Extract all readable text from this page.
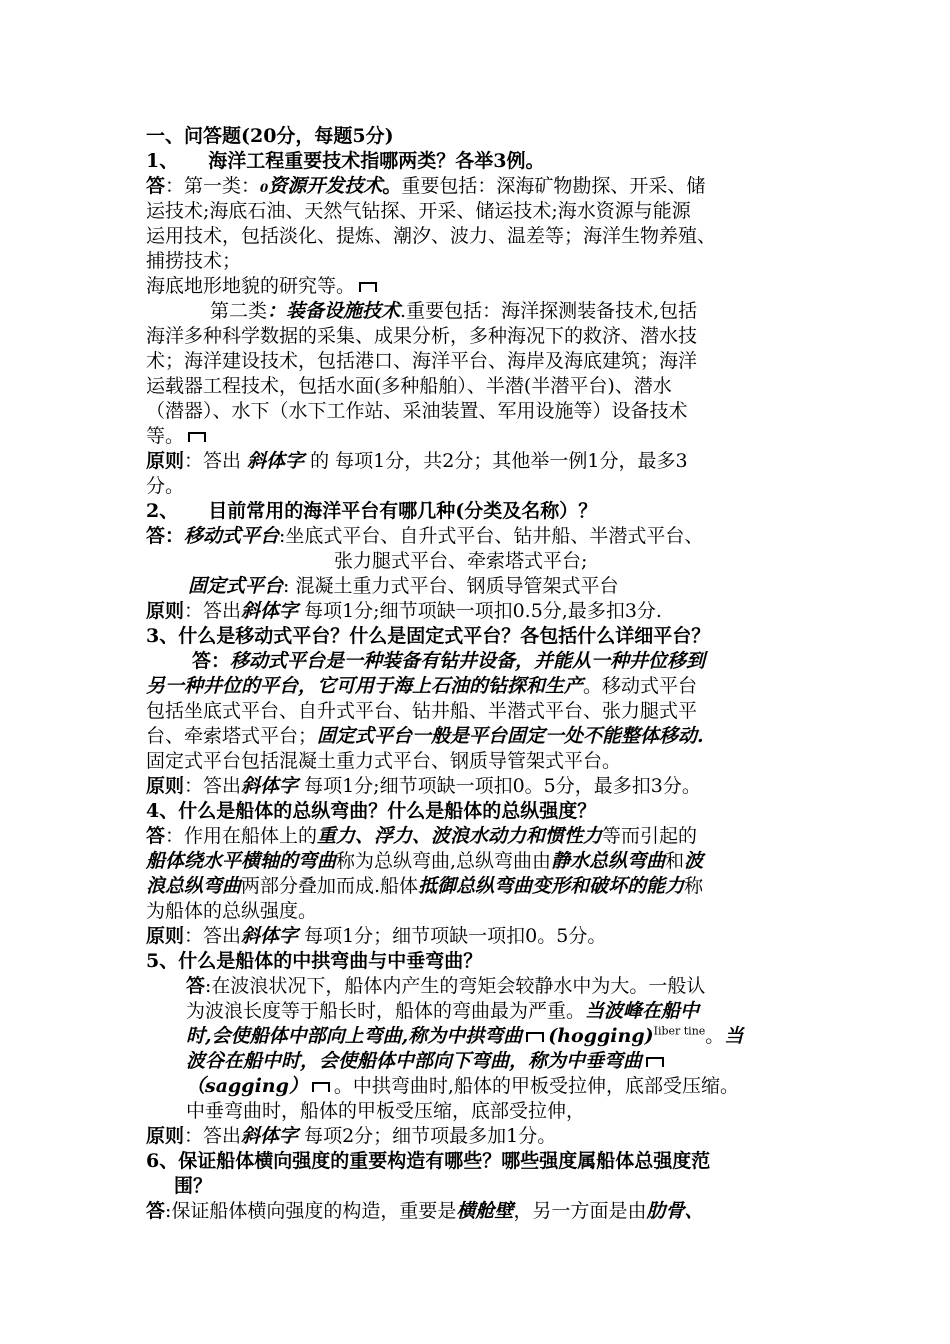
一、问答题(20分，每题5分)
1、 海洋工程重要技术指哪两类？各举3例。
答：第一类：₀资源开发技术。重要包括：深海矿物勘探、开采、储
运技术;海底石油、天然气钻探、开采、储运技术;海水资源与能源
运用技术，包括淡化、提炼、潮汐、波力、温差等；海洋生物养殖、
捕捞技术；
海底地形地貌的研究等。
第二类：装备设施技术.重要包括：海洋探测装备技术,包括
海洋多种科学数据的采集、成果分析，多种海况下的救济、潜水技
术；海洋建设技术，包括港口、海洋平台、海岸及海底建筑；海洋
运载器工程技术，包括水面(多种船舶）、半潜(半潜平台)、潜水
（潜器）、水下（水下工作站、采油装置、军用设施等）设备技术
等。
原则：答出 斜体字 的 每项1分，共2分；其他举一例1分，最多3
分。
2、 目前常用的海洋平台有哪几种(分类及名称）？
答：移动式平台:坐底式平台、自升式平台、钻井船、半潜式平台、
张力腿式平台、牵索塔式平台;
固定式平台: 混凝土重力式平台、钢质导管架式平台
原则：答出斜体字 每项1分;细节项缺一项扣0.5分,最多扣3分.
3、什么是移动式平台？什么是固定式平台？各包括什么详细平台？
答：移动式平台是一种装备有钻井设备，并能从一种井位移到
另一种井位的平台，它可用于海上石油的钻探和生产。移动式平台
包括坐底式平台、自升式平台、钻井船、半潜式平台、张力腿式平
台、牵索塔式平台；固定式平台一般是平台固定一处不能整体移动.
固定式平台包括混凝土重力式平台、钢质导管架式平台。
原则：答出斜体字 每项1分;细节项缺一项扣0。5分，最多扣3分。
4、什么是船体的总纵弯曲？什么是船体的总纵强度？
答：作用在船体上的重力、浮力、波浪水动力和惯性力等而引起的
船体绕水平横轴的弯曲称为总纵弯曲,总纵弯曲由静水总纵弯曲和波
浪总纵弯曲两部分叠加而成.船体抵御总纵弯曲变形和破坏的能力称
为船体的总纵强度。
原则：答出斜体字 每项1分；细节项缺一项扣0。5分。
5、什么是船体的中拱弯曲与中垂弯曲？
答:在波浪状况下，船体内产生的弯矩会较静水中为大。一般认
为波浪长度等于船长时，船体的弯曲最为严重。当波峰在船中
时,会使船体中部向上弯曲,称为中拱弯曲 (hogging)$^{Iiber tine}$。当
波谷在船中时，会使船体中部向下弯曲，称为中垂弯曲
（sagging） 。中拱弯曲时,船体的甲板受拉伸，底部受压缩。
中垂弯曲时，船体的甲板受压缩，底部受拉伸，
原则：答出斜体字 每项2分；细节项最多加1分。
6、保证船体横向强度的重要构造有哪些？哪些强度属船体总强度范
围？
答:保证船体横向强度的构造，重要是横舱壁，另一方面是由肋骨、
